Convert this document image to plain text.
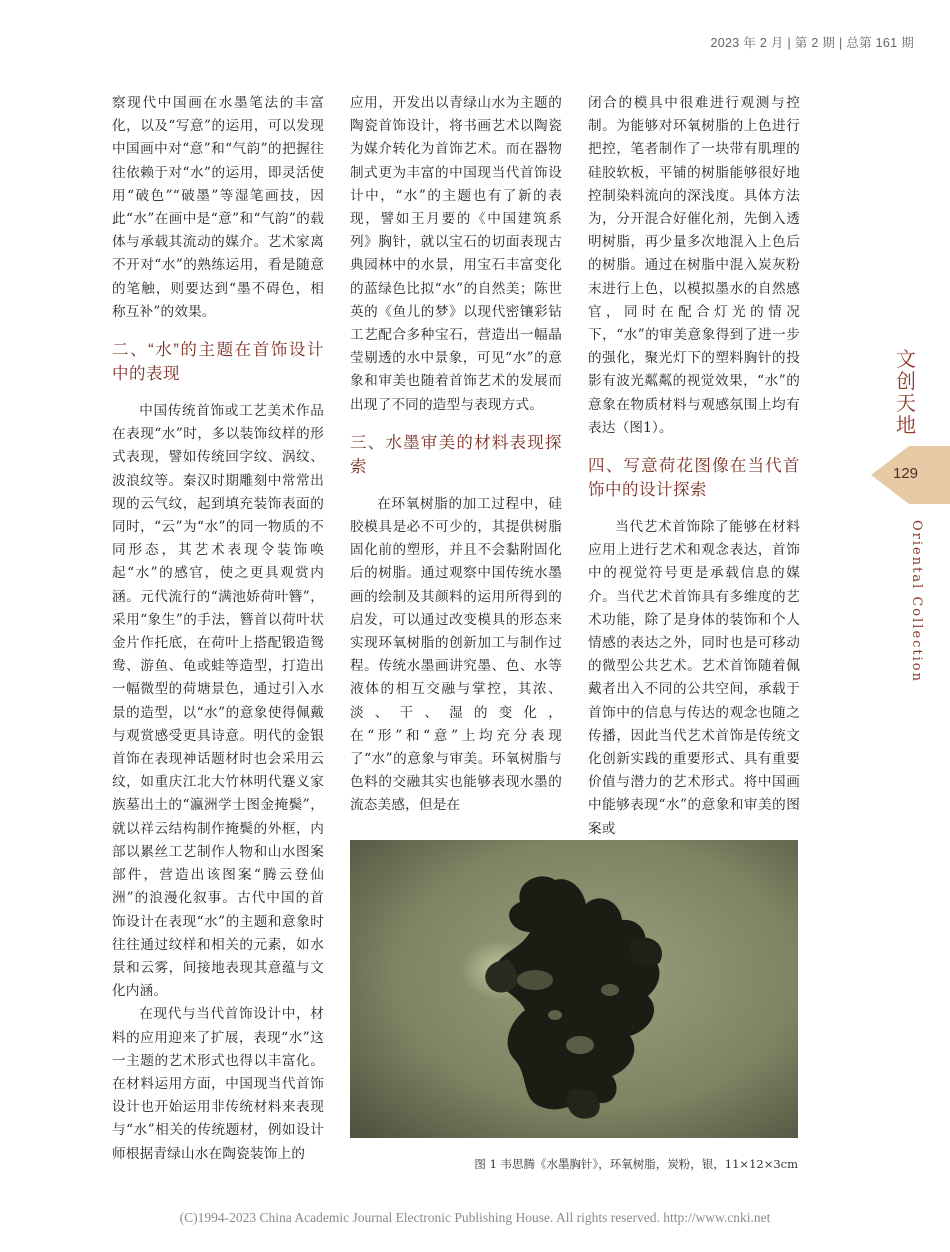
2023 年 2 月 | 第 2 期 | 总第 161 期

察现代中国画在水墨笔法的丰富化，以及“写意”的运用，可以发现中国画中对“意”和“气韵”的把握往往依赖于对“水”的运用，即灵活使用“破色”“破墨”等湿笔画技，因此“水”在画中是“意”和“气韵”的载体与承载其流动的媒介。艺术家离不开对“水”的熟练运用，看是随意的笔触，则要达到“墨不碍色，相称互补”的效果。

二、“水”的主题在首饰设计中的表现

中国传统首饰或工艺美术作品在表现“水”时，多以装饰纹样的形式表现，譬如传统回字纹、涡纹、波浪纹等。秦汉时期雕刻中常常出现的云气纹，起到填充装饰表面的同时，“云”为“水”的同一物质的不同形态，其艺术表现令装饰唤起“水”的感官，使之更具观赏内涵。元代流行的“满池娇荷叶簪”，采用“象生”的手法，簪首以荷叶状金片作托底，在荷叶上搭配锻造鸳鸯、游鱼、龟或蛙等造型，打造出一幅微型的荷塘景色，通过引入水景的造型，以“水”的意象使得佩戴与观赏感受更具诗意。明代的金银首饰在表现神话题材时也会采用云纹，如重庆江北大竹林明代蹇义家族墓出土的“瀛洲学士图金掩鬓”，就以祥云结构制作掩鬓的外框，内部以累丝工艺制作人物和山水图案部件，营造出该图案“腾云登仙洲”的浪漫化叙事。古代中国的首饰设计在表现“水”的主题和意象时往往通过纹样和相关的元素，如水景和云雾，间接地表现其意蕴与文化内涵。

在现代与当代首饰设计中，材料的应用迎来了扩展，表现“水”这一主题的艺术形式也得以丰富化。在材料运用方面，中国现当代首饰设计也开始运用非传统材料来表现与“水”相关的传统题材，例如设计师根据青绿山水在陶瓷装饰上的

应用，开发出以青绿山水为主题的陶瓷首饰设计，将书画艺术以陶瓷为媒介转化为首饰艺术。而在器物制式更为丰富的中国现当代首饰设计中，“水”的主题也有了新的表现，譬如王月要的《中国建筑系列》胸针，就以宝石的切面表现古典园林中的水景，用宝石丰富变化的蓝绿色比拟“水”的自然美；陈世英的《鱼儿的梦》以现代密镶彩钻工艺配合多种宝石，营造出一幅晶莹剔透的水中景象，可见“水”的意象和审美也随着首饰艺术的发展而出现了不同的造型与表现方式。

三、水墨审美的材料表现探索

在环氧树脂的加工过程中，硅胶模具是必不可少的，其提供树脂固化前的塑形，并且不会黏附固化后的树脂。通过观察中国传统水墨画的绘制及其颜料的运用所得到的启发，可以通过改变模具的形态来实现环氧树脂的创新加工与制作过程。传统水墨画讲究墨、色、水等液体的相互交融与掌控，其浓、淡、干、湿的变化，在“形”和“意”上均充分表现了“水”的意象与审美。环氧树脂与色料的交融其实也能够表现水墨的流态美感，但是在

闭合的模具中很难进行观测与控制。为能够对环氧树脂的上色进行把控，笔者制作了一块带有肌理的硅胶软板，平铺的树脂能够很好地控制染料流向的深浅度。具体方法为，分开混合好催化剂，先倒入透明树脂，再少量多次地混入上色后的树脂。通过在树脂中混入炭灰粉末进行上色，以模拟墨水的自然感官，同时在配合灯光的情况下，“水”的审美意象得到了进一步的强化，聚光灯下的塑料胸针的投影有波光粼粼的视觉效果，“水”的意象在物质材料与观感氛围上均有表达（图1）。

四、写意荷花图像在当代首饰中的设计探索

当代艺术首饰除了能够在材料应用上进行艺术和观念表达，首饰中的视觉符号更是承载信息的媒介。当代艺术首饰具有多维度的艺术功能，除了是身体的装饰和个人情感的表达之外，同时也是可移动的微型公共艺术。艺术首饰随着佩戴者出入不同的公共空间，承载于首饰中的信息与传达的观念也随之传播，因此当代艺术首饰是传统文化创新实践的重要形式、具有重要价值与潜力的艺术形式。将中国画中能够表现“水”的意象和审美的图案或

图 1 韦思腾《水墨胸针》，环氧树脂，炭粉，银，11×12×3cm
文
创
天
地
129
Oriental Collection
(C)1994-2023 China Academic Journal Electronic Publishing House. All rights reserved. http://www.cnki.net
